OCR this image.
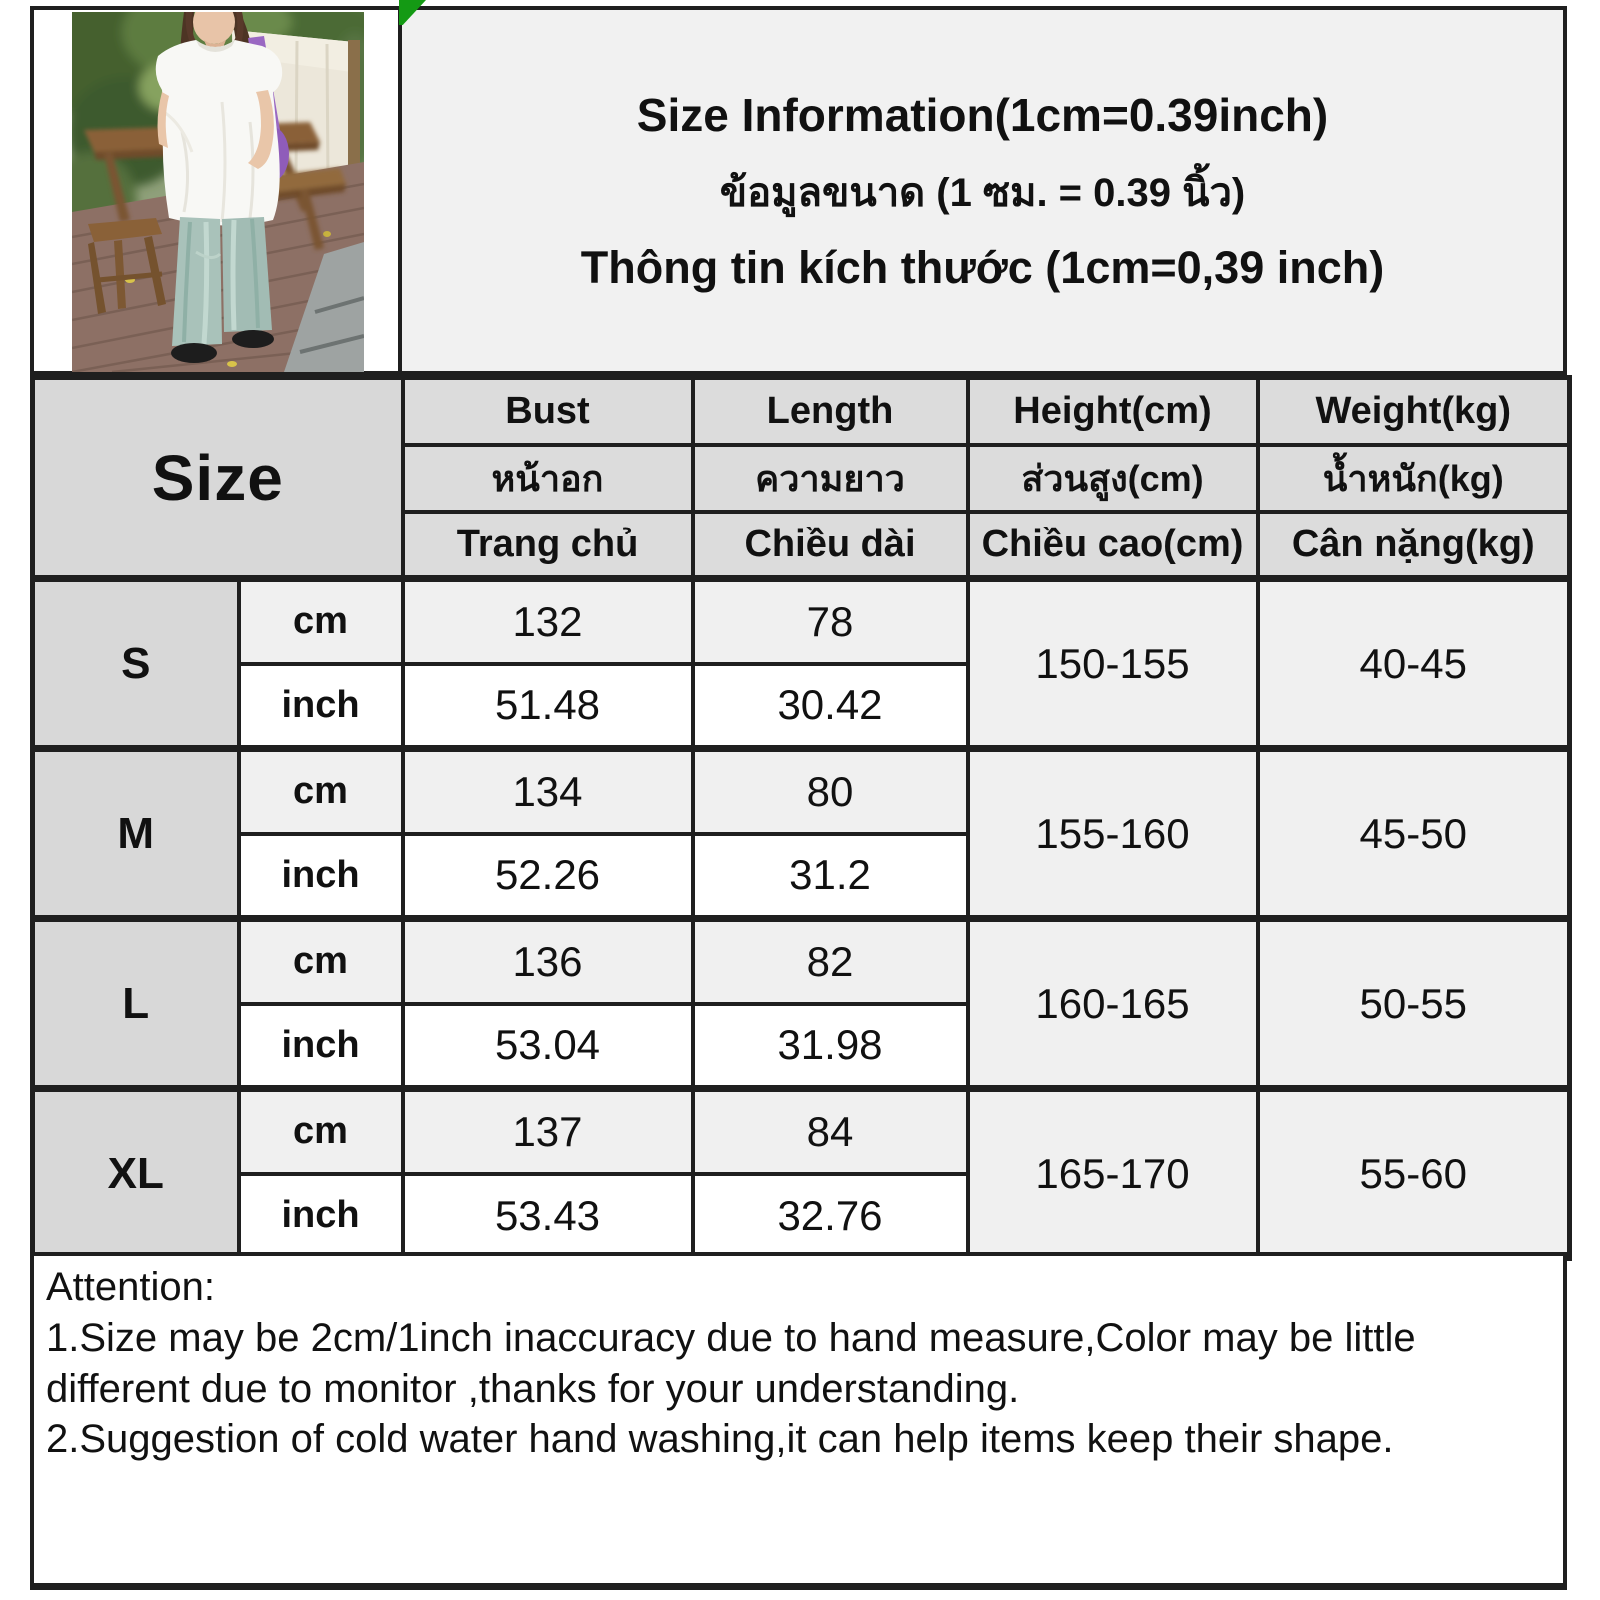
Size Information(1cm=0.39inch)
ข้อมูลขนาด (1 ซม. = 0.39 นิ้ว)
Thông tin kích thước (1cm=0,39 inch)
Size		Bust	Length	Height(cm)	Weight(kg)
		หน้าอก	ความยาว	ส่วนสูง(cm)	น้ำหนัก(kg)
		Trang chủ	Chiều dài	Chiều cao(cm)	Cân nặng(kg)
S	cm	132	78	150-155	40-45
	inch	51.48	30.42		
M	cm	134	80	155-160	45-50
	inch	52.26	31.2		
L	cm	136	82	160-165	50-55
	inch	53.04	31.98		
XL	cm	137	84	165-170	55-60
	inch	53.43	32.76		

Attention:

1.Size may be 2cm/1inch inaccuracy due to hand measure,Color may be little different due to monitor ,thanks for your understanding.

2.Suggestion of cold water hand washing,it can help items keep their shape.
